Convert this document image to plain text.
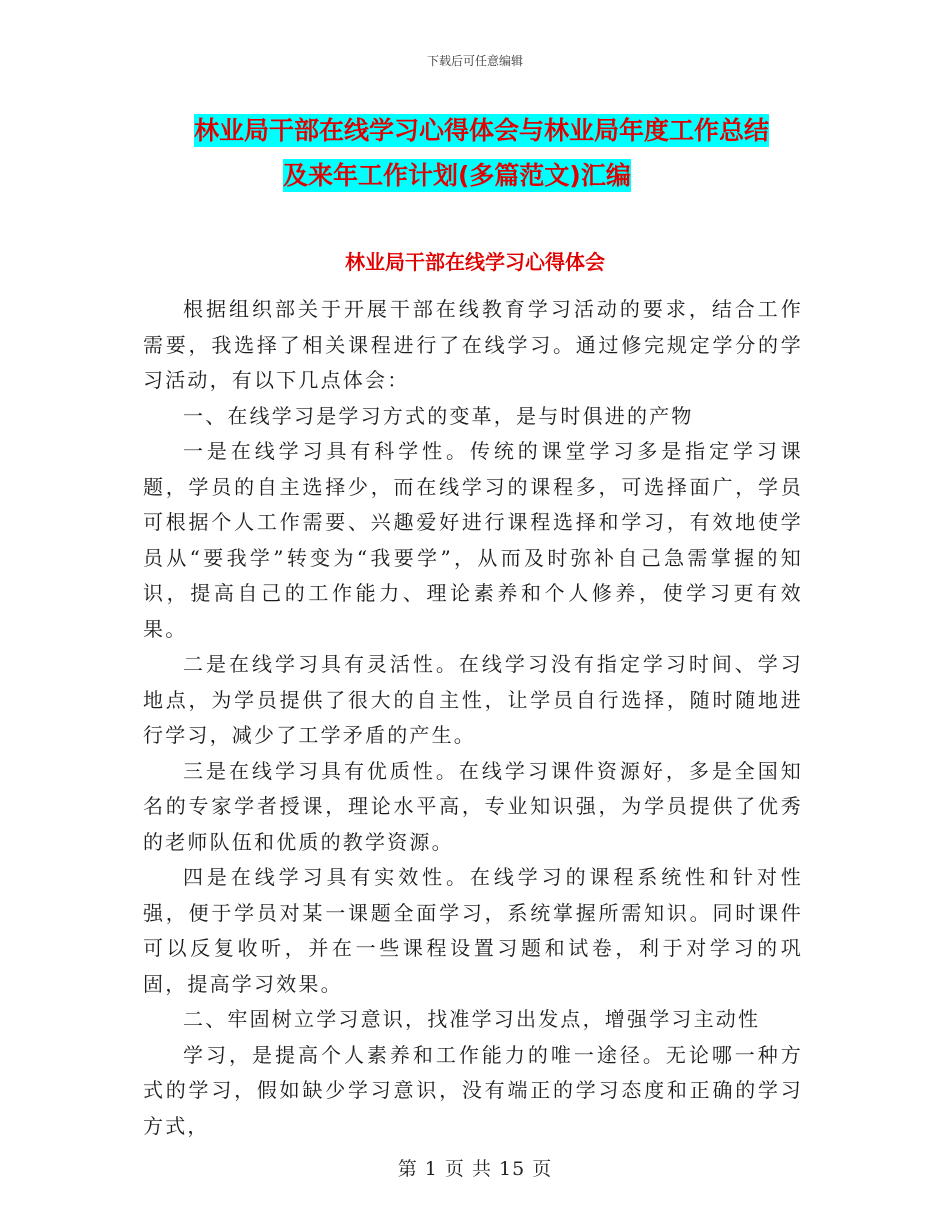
下载后可任意编辑
林业局干部在线学习心得体会与林业局年度工作总结
及来年工作计划(多篇范文)汇编
林业局干部在线学习心得体会

根据组织部关于开展干部在线教育学习活动的要求，结合工作需要，我选择了相关课程进行了在线学习。通过修完规定学分的学习活动，有以下几点体会：

一、在线学习是学习方式的变革，是与时俱进的产物

一是在线学习具有科学性。传统的课堂学习多是指定学习课题，学员的自主选择少，而在线学习的课程多，可选择面广，学员可根据个人工作需要、兴趣爱好进行课程选择和学习，有效地使学员从“要我学”转变为“我要学”，从而及时弥补自己急需掌握的知识，提高自己的工作能力、理论素养和个人修养，使学习更有效果。

二是在线学习具有灵活性。在线学习没有指定学习时间、学习地点，为学员提供了很大的自主性，让学员自行选择，随时随地进行学习，减少了工学矛盾的产生。

三是在线学习具有优质性。在线学习课件资源好，多是全国知名的专家学者授课，理论水平高，专业知识强，为学员提供了优秀的老师队伍和优质的教学资源。

四是在线学习具有实效性。在线学习的课程系统性和针对性强，便于学员对某一课题全面学习，系统掌握所需知识。同时课件可以反复收听，并在一些课程设置习题和试卷，利于对学习的巩固，提高学习效果。

二、牢固树立学习意识，找准学习出发点，增强学习主动性

学习，是提高个人素养和工作能力的唯一途径。无论哪一种方式的学习，假如缺少学习意识，没有端正的学习态度和正确的学习方式，

第 1 页 共 15 页
